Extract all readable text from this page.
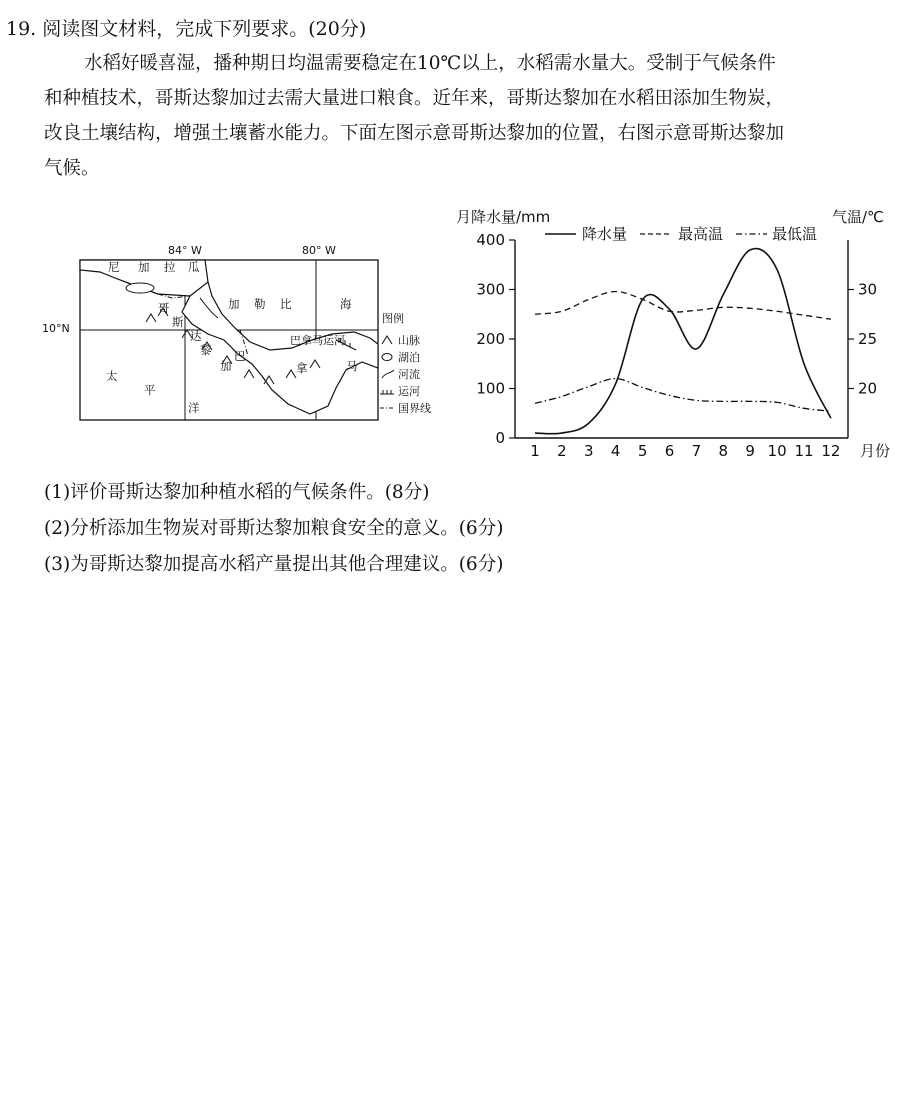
19. 阅读图文材料，完成下列要求。(20分)
水稻好暖喜湿，播种期日均温需要稳定在10℃以上，水稻需水量大。受制于气候条件
和种植技术，哥斯达黎加过去需大量进口粮食。近年来，哥斯达黎加在水稻田添加生物炭，
改良土壤结构，增强土壤蓄水能力。下面左图示意哥斯达黎加的位置，右图示意哥斯达黎加
气候。
84° W	80° W
10°N
尼 加 拉 瓜
加 勒 比	海
哥
斯
达
黎
加
巴
拿	马
巴拿马运河
太
平
洋
图例
山脉
湖泊
河流
运河
国界线
月降水量/mm	气温/℃
月份
0
100
200
300
400
20
25
30
1 2 3 4 5 6 7 8 9 10 11 12
降水量	最高温	最低温
(1)评价哥斯达黎加种植水稻的气候条件。(8分)
(2)分析添加生物炭对哥斯达黎加粮食安全的意义。(6分)
(3)为哥斯达黎加提高水稻产量提出其他合理建议。(6分)
